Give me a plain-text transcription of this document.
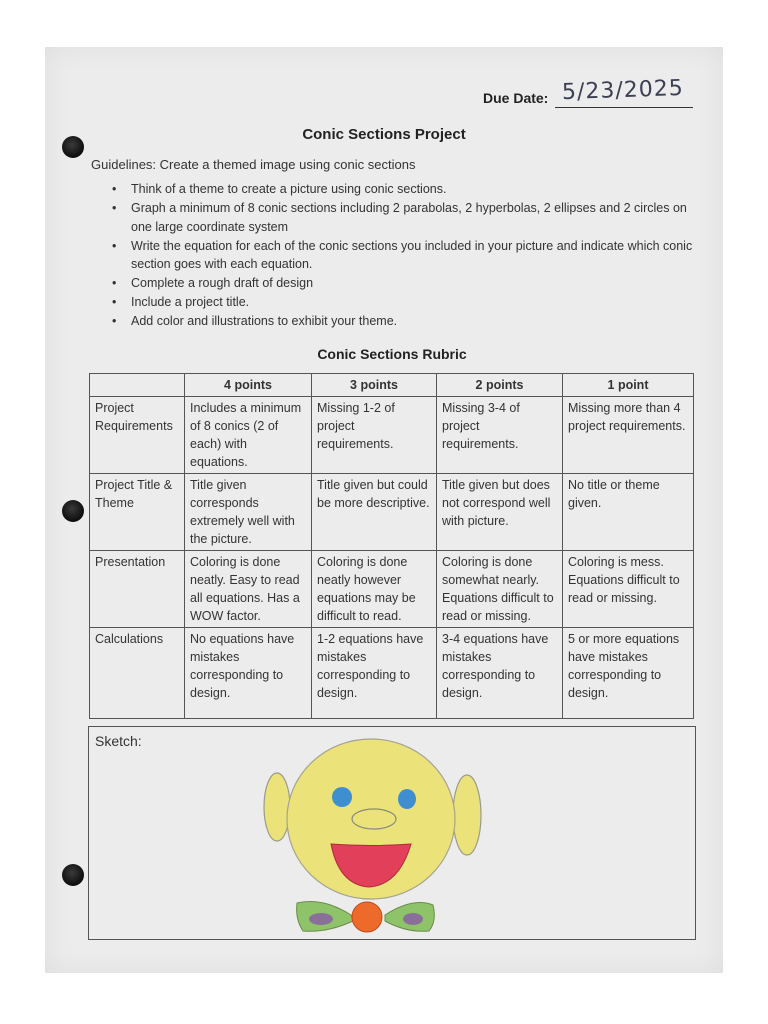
Due Date: 5/23/2025
Conic Sections Project
Guidelines: Create a themed image using conic sections
• Think of a theme to create a picture using conic sections.
• Graph a minimum of 8 conic sections including 2 parabolas, 2 hyperbolas, 2 ellipses and 2 circles on one large coordinate system
• Write the equation for each of the conic sections you included in your picture and indicate which conic section goes with each equation.
• Complete a rough draft of design
• Include a project title.
• Add color and illustrations to exhibit your theme.
Conic Sections Rubric
	4 points	3 points	2 points	1 point
Project Requirements	Includes a minimum of 8 conics (2 of each) with equations.	Missing 1-2 of project requirements.	Missing 3-4 of project requirements.	Missing more than 4 project requirements.
Project Title & Theme	Title given corresponds extremely well with the picture.	Title given but could be more descriptive.	Title given but does not correspond well with picture.	No title or theme given.
Presentation	Coloring is done neatly. Easy to read all equations. Has a WOW factor.	Coloring is done neatly however equations may be difficult to read.	Coloring is done somewhat nearly. Equations difficult to read or missing.	Coloring is mess. Equations difficult to read or missing.
Calculations	No equations have mistakes corresponding to design.	1-2 equations have mistakes corresponding to design.	3-4 equations have mistakes corresponding to design.	5 or more equations have mistakes corresponding to design.
Sketch:
